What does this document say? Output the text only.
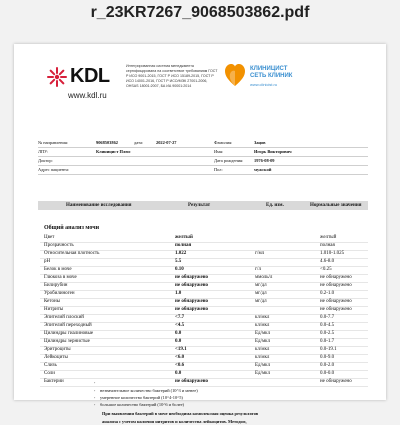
r_23KR7267_9068503862.pdf
KDL
www.kdl.ru
Интегрированная система менеджмента сертифицирована на соответствие требованиям ГОСТ Р ИСО 9001-2015, ГОСТ Р ИСО 15189-2015, ГОСТ Р ИСО 14001-2016, ГОСТ Р ИСО/МЭК 27001-2006, OHSAS 18001:2007, БА ИА 90001:2014
КЛИНИЦИСТ
СЕТЬ КЛИНИК
www.clinicist.ru
№ направления:	9068503862	дата:	2022-07-27	Фамилия:	Зацов
ЛПУ:	Клиницист Плюс	Имя:	Игорь Викторович
Доктор:	Дата рождения: 1976-08-09
Адрес пациента:	Пол:	мужской
Наименование исследования	Результат	Ед. изм.	Нормальные значения
Общий анализ мочи
Цвет	желтый	желтый
Прозрачность	полная	полная
Относительная плотность	1.022	г/мл	1.010-1.025
pH	5.5	4.6-8.0
Белок в моче	0.10	г/л	<0.25
Глюкоза в моче	не обнаружено	ммоль/л	не обнаружено
Билирубин	не обнаружено	мг/дл	не обнаружено
Уробилиноген	1.0	мг/дл	0.2-1.0
Кетоны	не обнаружено	мг/дл	не обнаружено
Нитриты	не обнаружено	не обнаружено
Эпителий плоский	<7.7	кл/мкл	0.0-7.7
Эпителий переходный	<4.5	кл/мкл	0.0-4.5
Цилиндры гиалиновые	0.0	Ед/мкл	0.0-2.5
Цилиндры зернистые	0.0	Ед/мкл	0.0-1.7
Эритроциты	<19.1	кл/мкл	0.0-19.1
Лейкоциты	<6.0	кл/мкл	0.0-9.0
Слизь	<0.6	Ед/мкл	0.0-2.0
Соли	0.0	Ед/мкл	0.0-0.0
Бактерии	не обнаружено	не обнаружено
·
· незначительное количество бактерий (10^3 и менее)
· умеренное количество бактерий (10^4-10^5)
· большое количество бактерий (10^6 и более)
При выявлении бактерий в моче необходима комплексная оценка результатов
анализа с учетом наличия нитритов и количества лейкоцитов. Методом,
